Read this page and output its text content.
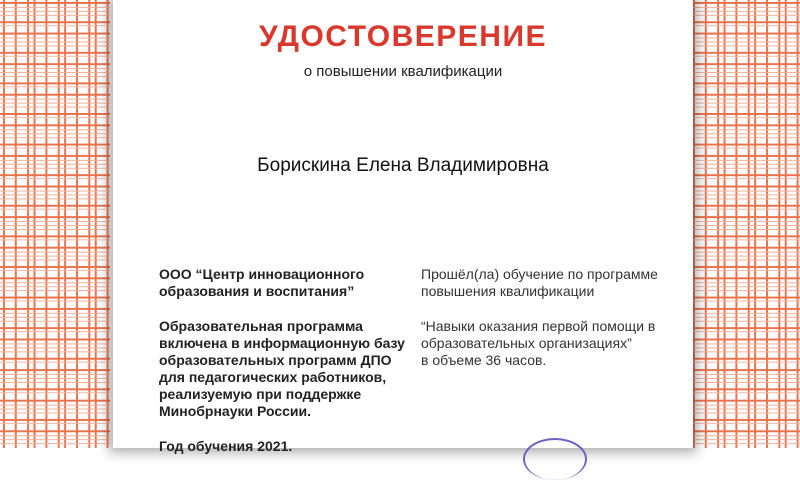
УДОСТОВЕРЕНИЕ

о повышении квалификации

Борискина Елена Владимировна

ООО “Центр инновационного образования и воспитания”

Образовательная программа включена в информационную базу образовательных программ ДПО для педагогических работников, реализуемую при поддержке Минобрнауки России.

Год обучения 2021.

Прошёл(ла) обучение по программе повышения квалификации

“Навыки оказания первой помощи в образовательных организациях”

в объеме 36 часов.
